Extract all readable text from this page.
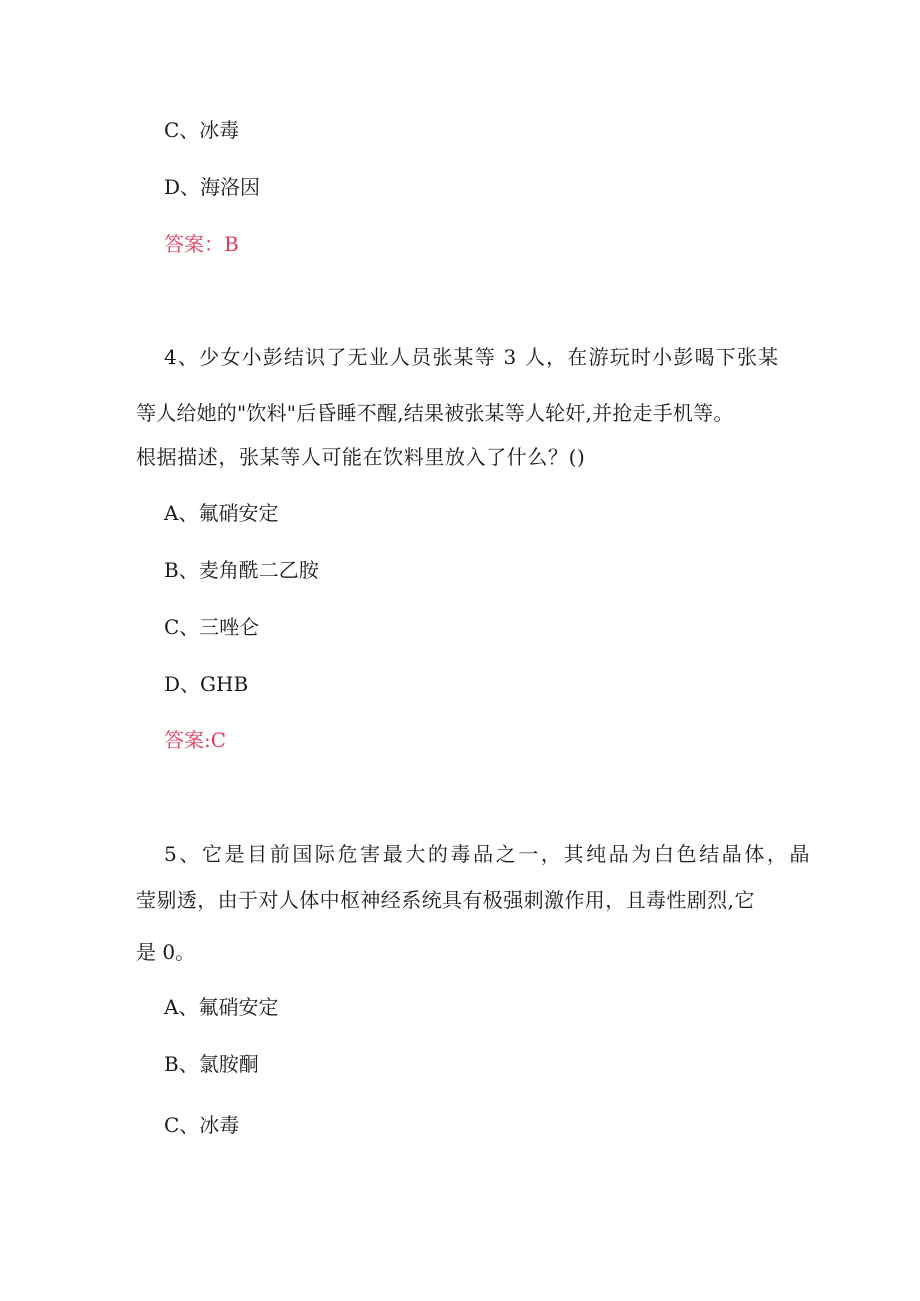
C、冰毒
D、海洛因
答案：B
4、少女小彭结识了无业人员张某等 3 人，在游玩时小彭喝下张某
等人给她的"饮料"后昏睡不醒,结果被张某等人轮奸,并抢走手机等。
根据描述，张某等人可能在饮料里放入了什么？()
A、氟硝安定
B、麦角酰二乙胺
C、三唑仑
D、GHB
答案:C
5、它是目前国际危害最大的毒品之一，其纯品为白色结晶体，晶
莹剔透，由于对人体中枢神经系统具有极强刺激作用，且毒性剧烈,它
是 0。
A、氟硝安定
B、氯胺酮
C、冰毒
